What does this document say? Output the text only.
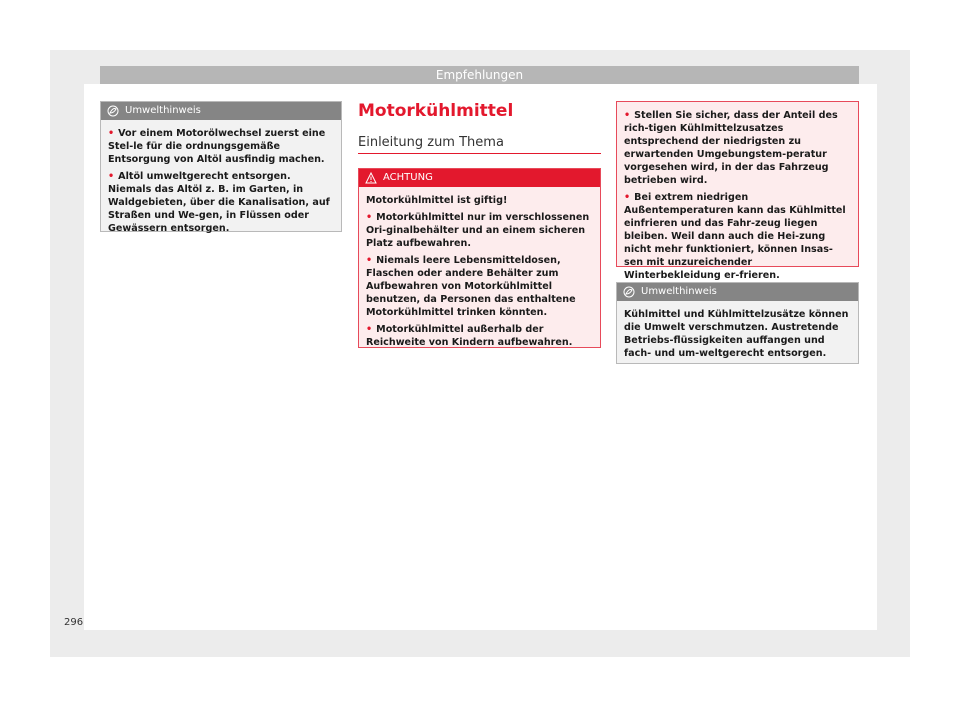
Empfehlungen
Umwelthinweis
• Vor einem Motorölwechsel zuerst eine Stel-le für die ordnungsgemäße Entsorgung von Altöl ausfindig machen.
• Altöl umweltgerecht entsorgen. Niemals das Altöl z. B. im Garten, in Waldgebieten, über die Kanalisation, auf Straßen und We-gen, in Flüssen oder Gewässern entsorgen.
Motorkühlmittel
Einleitung zum Thema
ACHTUNG
Motorkühlmittel ist giftig!
• Motorkühlmittel nur im verschlossenen Ori-ginalbehälter und an einem sicheren Platz aufbewahren.
• Niemals leere Lebensmitteldosen, Flaschen oder andere Behälter zum Aufbewahren von Motorkühlmittel benutzen, da Personen das enthaltene Motorkühlmittel trinken könnten.
• Motorkühlmittel außerhalb der Reichweite von Kindern aufbewahren.
• Stellen Sie sicher, dass der Anteil des rich-tigen Kühlmittelzusatzes entsprechend der niedrigsten zu erwartenden Umgebungstem-peratur vorgesehen wird, in der das Fahrzeug betrieben wird.
• Bei extrem niedrigen Außentemperaturen kann das Kühlmittel einfrieren und das Fahr-zeug liegen bleiben. Weil dann auch die Hei-zung nicht mehr funktioniert, können Insas-sen mit unzureichender Winterbekleidung er-frieren.
Umwelthinweis
Kühlmittel und Kühlmittelzusätze können die Umwelt verschmutzen. Austretende Betriebs-flüssigkeiten auffangen und fach- und um-weltgerecht entsorgen.
296
